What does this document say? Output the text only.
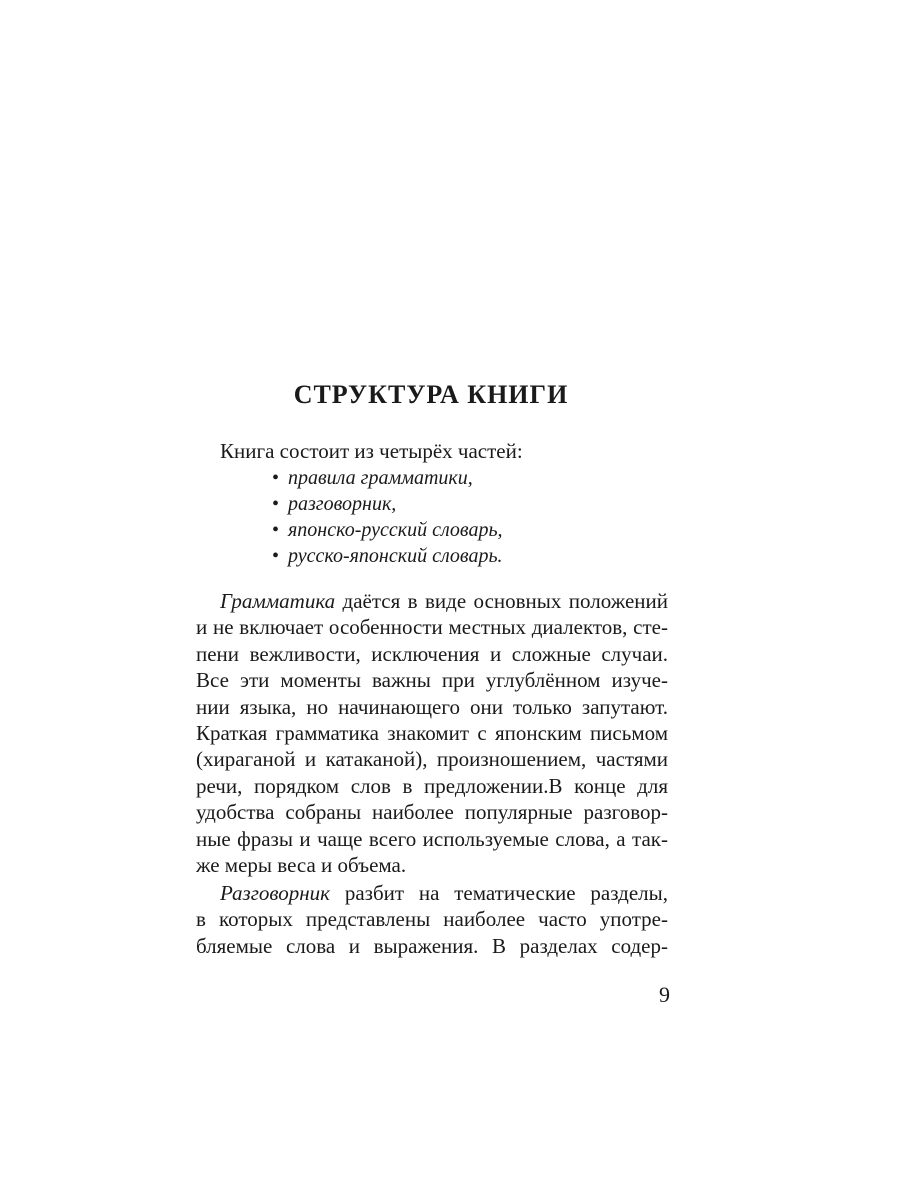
СТРУКТУРА КНИГИ

Книга состоит из четырёх частей:

• правила грамматики,
• разговорник,
• японско-русский словарь,
• русско-японский словарь.
Грамматика даётся в виде основных положений
и не включает особенности местных диалектов, сте-
пени вежливости, исключения и сложные случаи.
Все эти моменты важны при углублённом изуче-
нии языка, но начинающего они только запутают.
Краткая грамматика знакомит с японским письмом
(хираганой и катаканой), произношением, частями
речи, порядком слов в предложении.В конце для
удобства собраны наиболее популярные разговор-
ные фразы и чаще всего используемые слова, а так-
же меры веса и объема.
Разговорник разбит на тематические разделы,
в которых представлены наиболее часто употре-
бляемые слова и выражения. В разделах содер-

9
